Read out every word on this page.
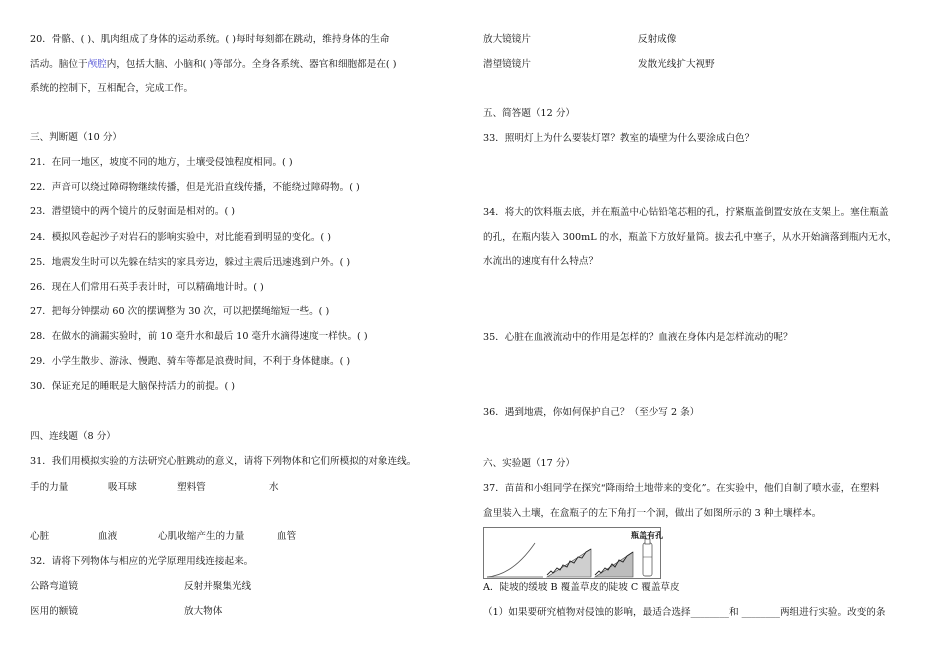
20．骨骼、( )、肌肉组成了身体的运动系统。( )每时每刻都在跳动，维持身体的生命
活动。脑位于颅腔内，包括大脑、小脑和( )等部分。全身各系统、器官和细胞都是在( )
系统的控制下，互相配合，完成工作。
三、判断题（10 分）
21．在同一地区，坡度不同的地方，土壤受侵蚀程度相同。( )
22．声音可以绕过障碍物继续传播，但是光沿直线传播，不能绕过障碍物。( )
23．潜望镜中的两个镜片的反射面是相对的。( )
24．模拟风卷起沙子对岩石的影响实验中，对比能看到明显的变化。( )
25．地震发生时可以先躲在结实的家具旁边，躲过主震后迅速逃到户外。( )
26．现在人们常用石英手表计时，可以精确地计时。( )
27．把每分钟摆动 60 次的摆调整为 30 次，可以把摆绳缩短一些。( )
28．在做水的滴漏实验时，前 10 毫升水和最后 10 毫升水滴得速度一样快。( )
29．小学生散步、游泳、慢跑、骑车等都是浪费时间，不利于身体健康。( )
30．保证充足的睡眠是大脑保持活力的前提。( )
四、连线题（8 分）
31．我们用模拟实验的方法研究心脏跳动的意义，请将下列物体和它们所模拟的对象连线。
手的力量	吸耳球	塑料管	水
心脏	血液	心肌收缩产生的力量	血管
32．请将下列物体与相应的光学原理用线连接起来。
公路弯道镜	反射并聚集光线
医用的额镜	放大物体
放大镜镜片	反射成像
潜望镜镜片	发散光线扩大视野
五、简答题（12 分）
33．照明灯上为什么要装灯罩？教室的墙壁为什么要涂成白色？
34．将大的饮料瓶去底，并在瓶盖中心钻铅笔芯粗的孔，拧紧瓶盖倒置安放在支架上。塞住瓶盖
的孔，在瓶内装入 300mL 的水，瓶盖下方放好量筒。拔去孔中塞子，从水开始滴落到瓶内无水，
水流出的速度有什么特点？
35．心脏在血液流动中的作用是怎样的？血液在身体内是怎样流动的呢？
36．遇到地震，你如何保护自己？（至少写 2 条）
六、实验题（17 分）
盒里装入土壤，在盒瓶子的左下角打一个洞，做出了如图所示的 3 种土壤样本。
瓶盖有孔
A．陡坡的缓坡 B 覆盖草皮的陡坡 C 覆盖草皮
（1）如果要研究植物对侵蚀的影响，最适合选择________和 ________两组进行实验。改变的条
37．苗苗和小组同学在探究“降雨给土地带来的变化”。在实验中，他们自制了喷水壶，在塑料
